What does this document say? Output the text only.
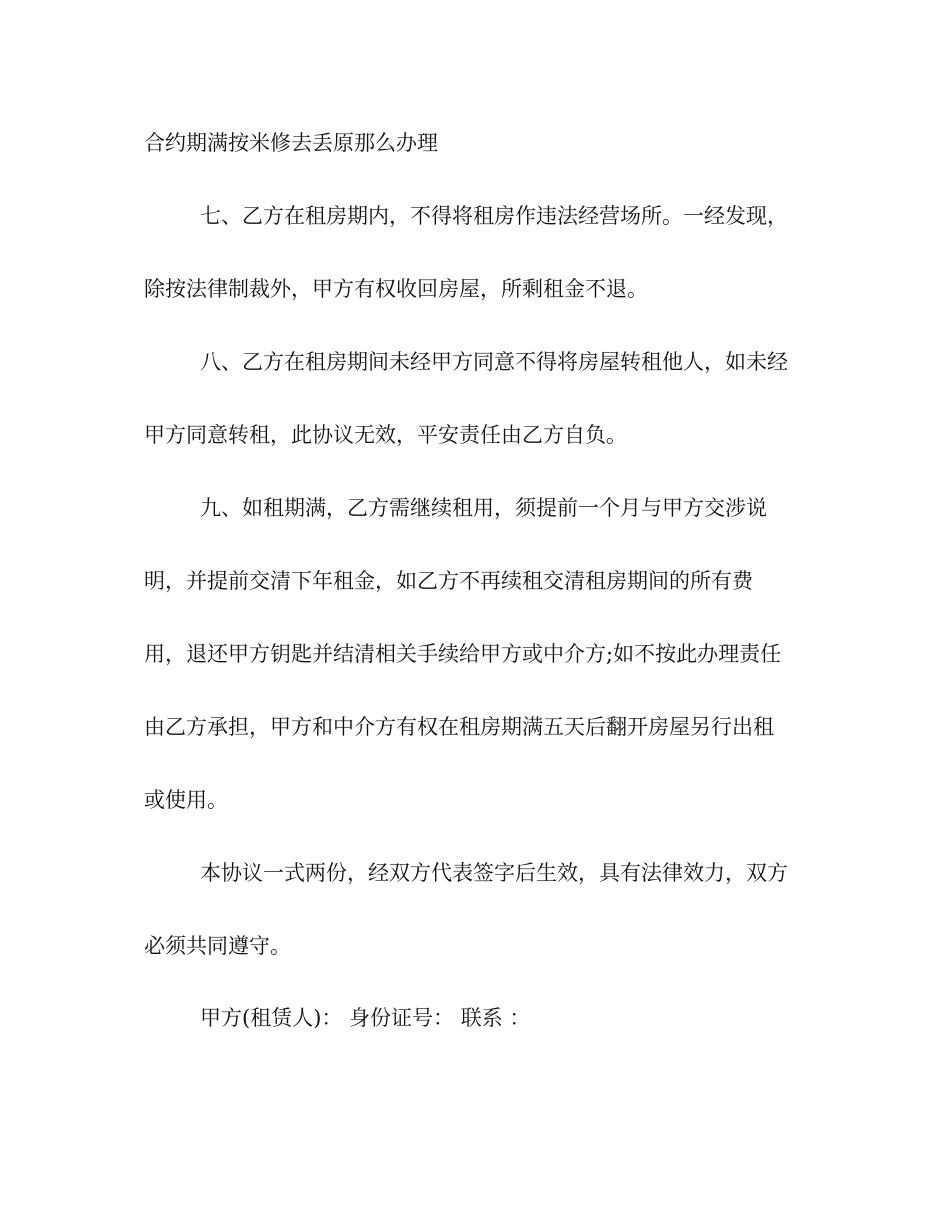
合约期满按米修去丢原那么办理

七、乙方在租房期内，不得将租房作违法经营场所。一经发现，

除按法律制裁外，甲方有权收回房屋，所剩租金不退。

八、乙方在租房期间未经甲方同意不得将房屋转租他人，如未经

甲方同意转租，此协议无效，平安责任由乙方自负。

九、如租期满，乙方需继续租用，须提前一个月与甲方交涉说

明，并提前交清下年租金，如乙方不再续租交清租房期间的所有费

用，退还甲方钥匙并结清相关手续给甲方或中介方;如不按此办理责任

由乙方承担，甲方和中介方有权在租房期满五天后翻开房屋另行出租

或使用。

本协议一式两份，经双方代表签字后生效，具有法律效力，双方

必须共同遵守。

甲方(租赁人)： 身份证号： 联系 ：
